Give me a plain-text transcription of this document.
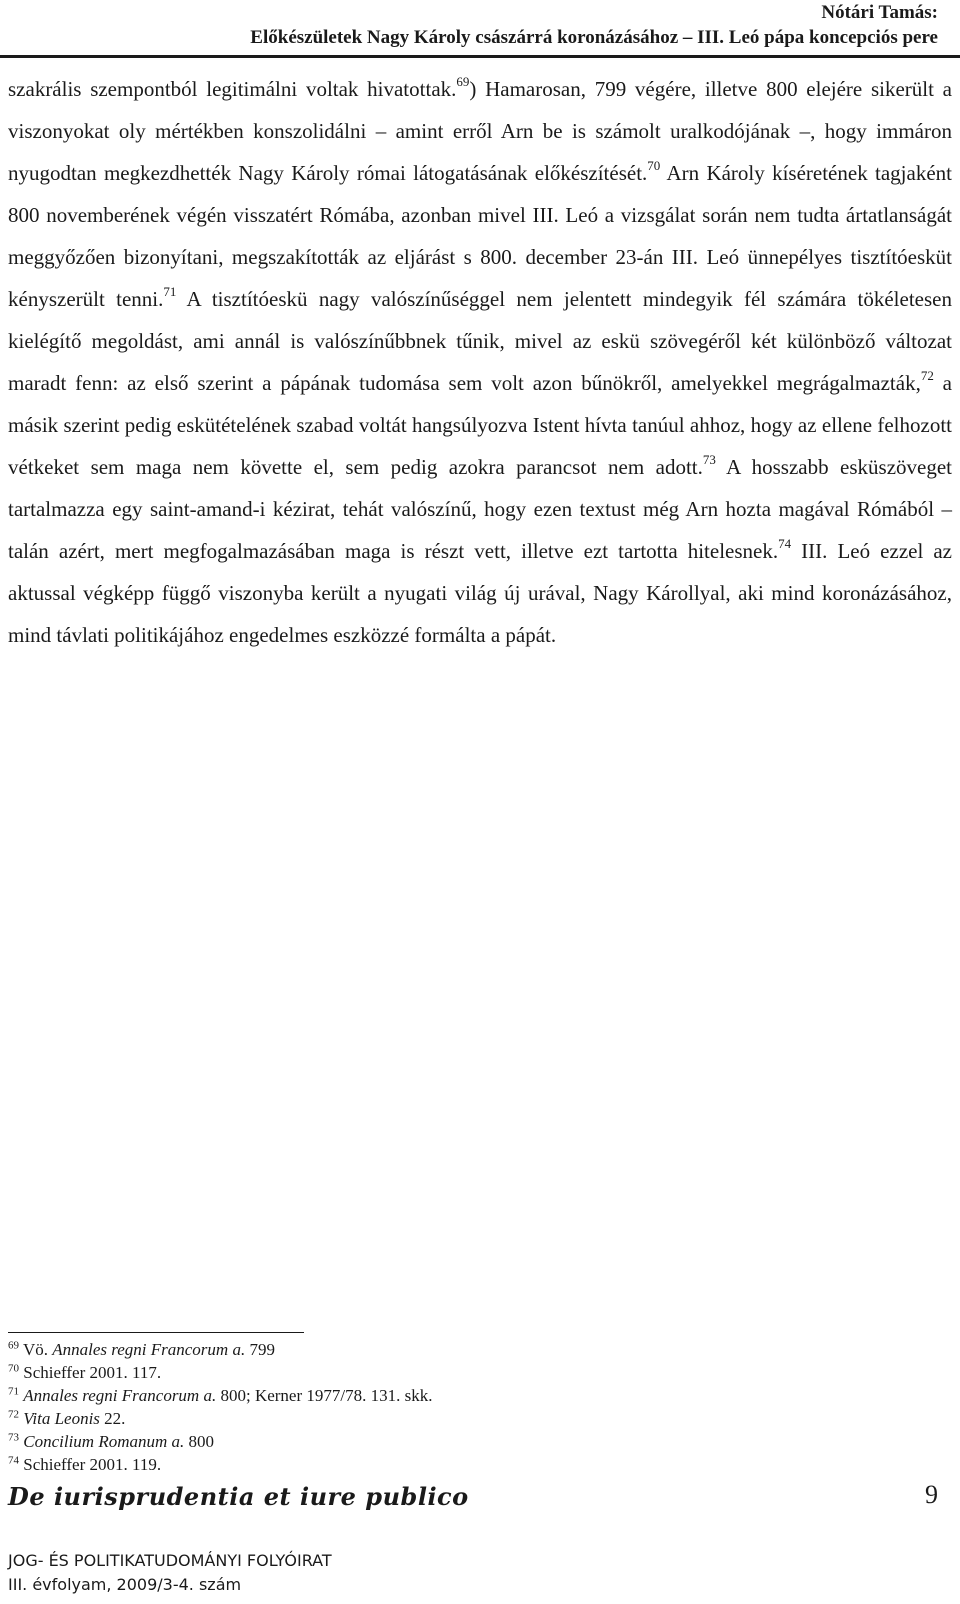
Nótári Tamás:
Előkészületek Nagy Károly császárrá koronázásához – III. Leó pápa koncepciós pere

szakrális szempontból legitimálni voltak hivatottak.$^{69}$) Hamarosan, 799 végére, illetve 800 elejére sikerült a viszonyokat oly mértékben konszolidálni – amint erről Arn be is számolt uralkodójának –, hogy immáron nyugodtan megkezdhették Nagy Károly római látogatásának előkészítését.$^{70}$ Arn Károly kíséretének tagjaként 800 novemberének végén visszatért Rómába, azonban mivel III. Leó a vizsgálat során nem tudta ártatlanságát meggyőzően bizonyítani, megszakították az eljárást s 800. december 23-án III. Leó ünnepélyes tisztítóesküt kényszerült tenni.$^{71}$ A tisztítóeskü nagy valószínűséggel nem jelentett mindegyik fél számára tökéletesen kielégítő megoldást, ami annál is valószínűbbnek tűnik, mivel az eskü szövegéről két különböző változat maradt fenn: az első szerint a pápának tudomása sem volt azon bűnökről, amelyekkel megrágalmazták,$^{72}$ a másik szerint pedig eskütételének szabad voltát hangsúlyozva Istent hívta tanúul ahhoz, hogy az ellene felhozott vétkeket sem maga nem követte el, sem pedig azokra parancsot nem adott.$^{73}$ A hosszabb esküszöveget tartalmazza egy saint-amand-i kézirat, tehát valószínű, hogy ezen textust még Arn hozta magával Rómából – talán azért, mert megfogalmazásában maga is részt vett, illetve ezt tartotta hitelesnek.$^{74}$ III. Leó ezzel az aktussal végképp függő viszonyba került a nyugati világ új urával, Nagy Károllyal, aki mind koronázásához, mind távlati politikájához engedelmes eszközzé formálta a pápát.

$^{69}$ Vö. Annales regni Francorum a. 799
$^{70}$ Schieffer 2001. 117.
$^{71}$ Annales regni Francorum a. 800; Kerner 1977/78. 131. skk.
$^{72}$ Vita Leonis 22.
$^{73}$ Concilium Romanum a. 800
$^{74}$ Schieffer 2001. 119.
De iurisprudentia et iure publico	9
JOG- ÉS POLITIKATUDOMÁNYI FOLYÓIRAT
III. évfolyam, 2009/3-4. szám
